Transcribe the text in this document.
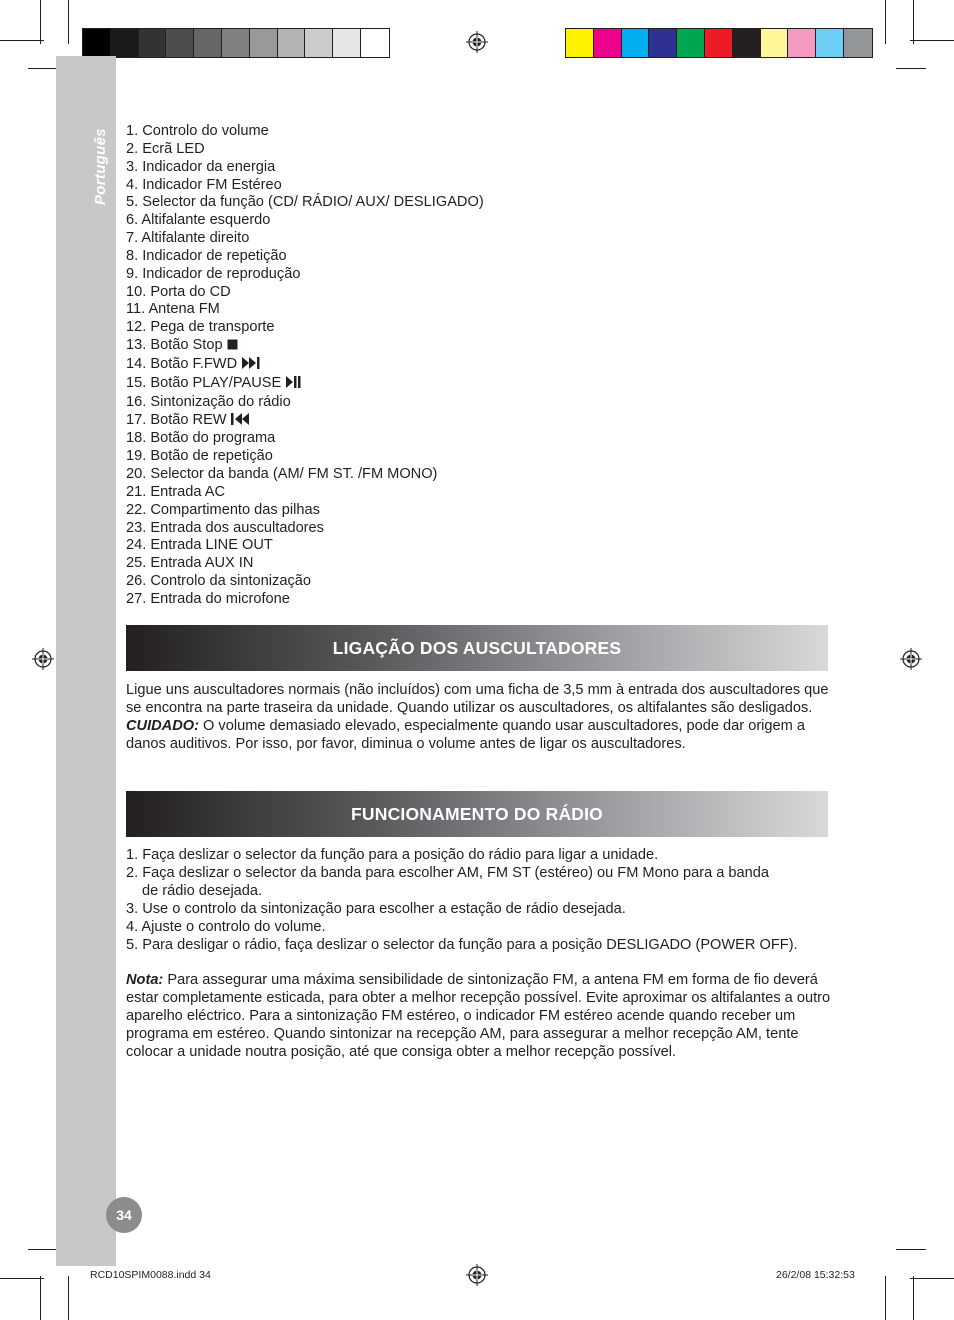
Português
34
1. Controlo do volume
2. Ecrã LED
3. Indicador da energia
4. Indicador FM Estéreo
5. Selector da função (CD/ RÁDIO/ AUX/ DESLIGADO)
6. Altifalante esquerdo
7. Altifalante direito
8. Indicador de repetição
9. Indicador de reprodução
10. Porta do CD
11. Antena FM
12. Pega de transporte
13. Botão Stop
14. Botão F.FWD
15. Botão PLAY/PAUSE
16. Sintonização do rádio
17. Botão REW
18. Botão do programa
19. Botão de repetição
20. Selector da banda (AM/ FM ST. /FM MONO)
21. Entrada AC
22. Compartimento das pilhas
23. Entrada dos auscultadores
24. Entrada LINE OUT
25. Entrada AUX IN
26. Controlo da sintonização
27. Entrada do microfone
LIGAÇÃO DOS AUSCULTADORES

Ligue uns auscultadores normais (não incluídos) com uma ficha de 3,5 mm à entrada dos auscultadores que se encontra na parte traseira da unidade. Quando utilizar os auscultadores, os altifalantes são desligados.
CUIDADO: O volume demasiado elevado, especialmente quando usar auscultadores, pode dar origem a danos auditivos. Por isso, por favor, diminua o volume antes de ligar os auscultadores.

FUNCIONAMENTO DO RÁDIO
1. Faça deslizar o selector da função para a posição do rádio para ligar a unidade.
2. Faça deslizar o selector da banda para escolher AM, FM ST (estéreo) ou FM Mono para a banda
de rádio desejada.
3. Use o controlo da sintonização para escolher a estação de rádio desejada.
4. Ajuste o controlo do volume.
5. Para desligar o rádio, faça deslizar o selector da função para a posição DESLIGADO (POWER OFF).

Nota: Para assegurar uma máxima sensibilidade de sintonização FM, a antena FM em forma de fio deverá estar completamente esticada, para obter a melhor recepção possível. Evite aproximar os altifalantes a outro aparelho eléctrico. Para a sintonização FM estéreo, o indicador FM estéreo acende quando receber um programa em estéreo. Quando sintonizar na recepção AM, para assegurar a melhor recepção AM, tente colocar a unidade noutra posição, até que consiga obter a melhor recepção possível.

RCD10SPIM0088.indd 34	26/2/08 15:32:53
